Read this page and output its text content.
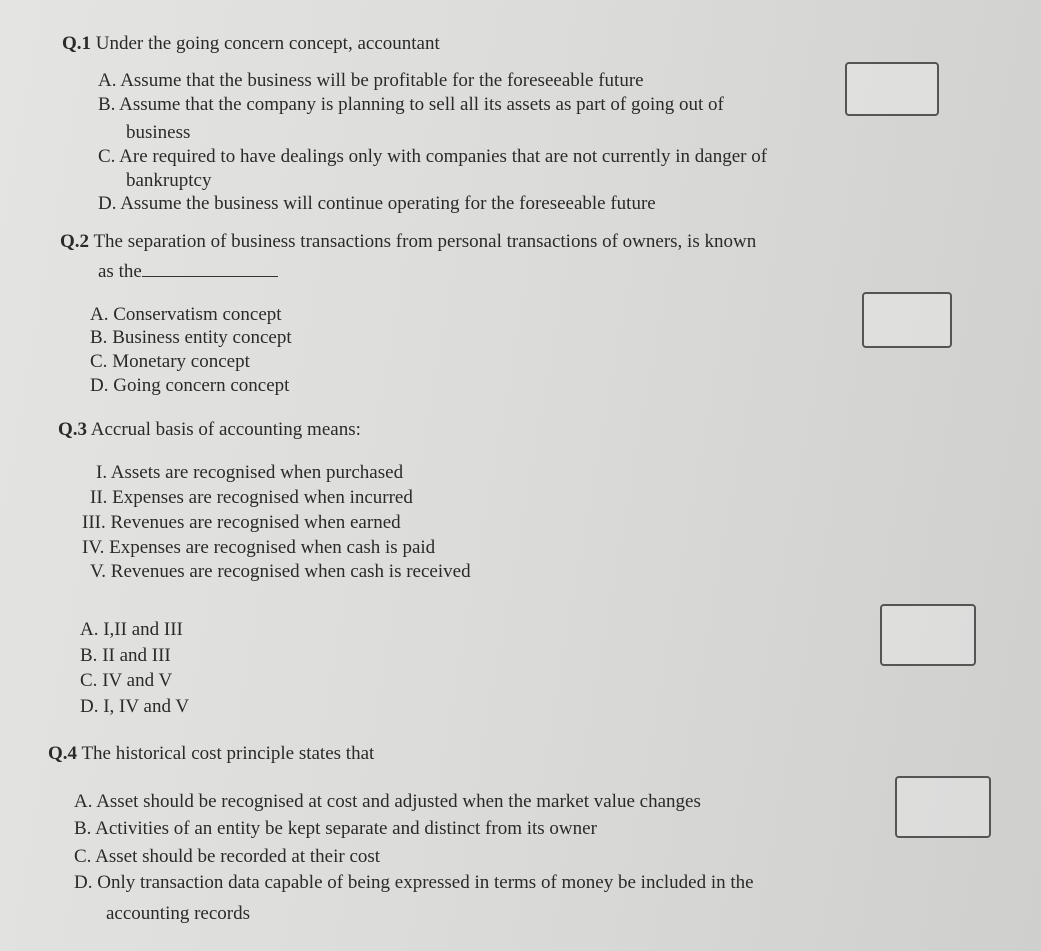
Q.1 Under the going concern concept, accountant
A. Assume that the business will be profitable for the foreseeable future
B. Assume that the company is planning to sell all its assets as part of going out of
business
C. Are required to have dealings only with companies that are not currently in danger of
bankruptcy
D. Assume the business will continue operating for the foreseeable future
Q.2 The separation of business transactions from personal transactions of owners, is known
as the
A. Conservatism concept
B. Business entity concept
C. Monetary concept
D. Going concern concept
Q.3 Accrual basis of accounting means:
I. Assets are recognised when purchased
II. Expenses are recognised when incurred
III. Revenues are recognised when earned
IV. Expenses are recognised when cash is paid
V. Revenues are recognised when cash is received
A. I,II and III
B. II and III
C. IV and V
D. I, IV and V
Q.4 The historical cost principle states that
A. Asset should be recognised at cost and adjusted when the market value changes
B. Activities of an entity be kept separate and distinct from its owner
C. Asset should be recorded at their cost
D. Only transaction data capable of being expressed in terms of money be included in the
accounting records
